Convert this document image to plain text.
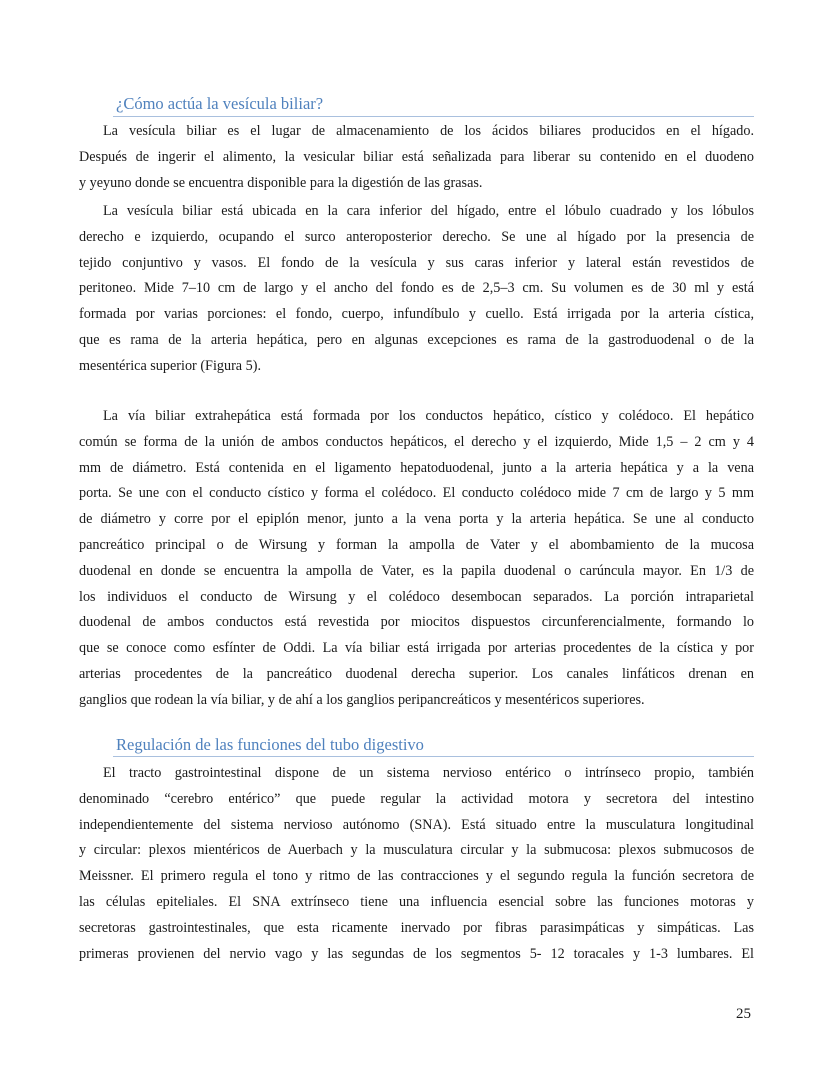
¿Cómo actúa la vesícula biliar?
Regulación de las funciones del tubo digestivo
La vesícula biliar es el lugar de almacenamiento de los ácidos biliares producidos en el hígado.
Después de ingerir el alimento, la vesicular biliar está señalizada para liberar su contenido en el duodeno
y yeyuno donde se encuentra disponible para la digestión de las grasas.
La vesícula biliar está ubicada en la cara inferior del hígado, entre el lóbulo cuadrado y los lóbulos
derecho e izquierdo, ocupando el surco anteroposterior derecho. Se une al hígado por la presencia de
tejido conjuntivo y vasos. El fondo de la vesícula y sus caras inferior y lateral están revestidos de
peritoneo. Mide 7–10 cm de largo y el ancho del fondo es de 2,5–3 cm. Su volumen es de 30 ml y está
formada por varias porciones: el fondo, cuerpo, infundíbulo y cuello. Está irrigada por la arteria cística,
que es rama de la arteria hepática, pero en algunas excepciones es rama de la gastroduodenal o de la
mesentérica superior (Figura 5).
La vía biliar extrahepática está formada por los conductos hepático, cístico y colédoco. El hepático
común se forma de la unión de ambos conductos hepáticos, el derecho y el izquierdo, Mide 1,5 – 2 cm y 4
mm de diámetro. Está contenida en el ligamento hepatoduodenal, junto a la arteria hepática y a la vena
porta. Se une con el conducto cístico y forma el colédoco. El conducto colédoco mide 7 cm de largo y 5 mm
de diámetro y corre por el epiplón menor, junto a la vena porta y la arteria hepática. Se une al conducto
pancreático principal o de Wirsung y forman la ampolla de Vater y el abombamiento de la mucosa
duodenal en donde se encuentra la ampolla de Vater, es la papila duodenal o carúncula mayor. En 1/3 de
los individuos el conducto de Wirsung y el colédoco desembocan separados. La porción intraparietal
duodenal de ambos conductos está revestida por miocitos dispuestos circunferencialmente, formando lo
que se conoce como esfínter de Oddi. La vía biliar está irrigada por arterias procedentes de la cística y por
arterias procedentes de la pancreático duodenal derecha superior. Los canales linfáticos drenan en
ganglios que rodean la vía biliar, y de ahí a los ganglios peripancreáticos y mesentéricos superiores.
El tracto gastrointestinal dispone de un sistema nervioso entérico o intrínseco propio, también
denominado “cerebro entérico” que puede regular la actividad motora y secretora del intestino
independientemente del sistema nervioso autónomo (SNA). Está situado entre la musculatura longitudinal
y circular: plexos mientéricos de Auerbach y la musculatura circular y la submucosa: plexos submucosos de
Meissner. El primero regula el tono y ritmo de las contracciones y el segundo regula la función secretora de
las células epiteliales. El SNA extrínseco tiene una influencia esencial sobre las funciones motoras y
secretoras gastrointestinales, que esta ricamente inervado por fibras parasimpáticas y simpáticas. Las
primeras provienen del nervio vago y las segundas de los segmentos 5- 12 toracales y 1-3 lumbares. El
25
